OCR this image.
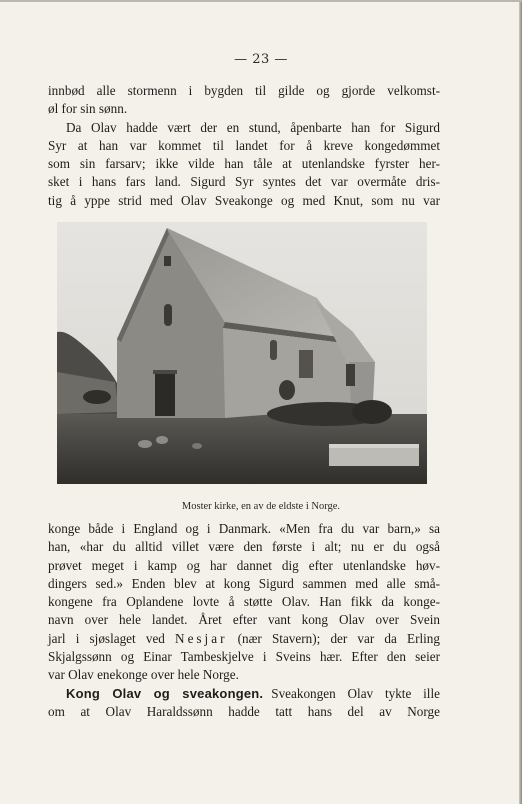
— 23 —
innbød alle stormenn i bygden til gilde og gjorde velkomst-
øl for sin sønn.
Da Olav hadde vært der en stund, åpenbarte han for Sigurd
Syr at han var kommet til landet for å kreve kongedømmet
som sin farsarv; ikke vilde han tåle at utenlandske fyrster her-
sket i hans fars land. Sigurd Syr syntes det var overmåte dris-
tig å yppe strid med Olav Sveakonge og med Knut, som nu var
Moster kirke, en av de eldste i Norge.
konge både i England og i Danmark. «Men fra du var barn,» sa
han, «har du alltid villet være den første i alt; nu er du også
prøvet meget i kamp og har dannet dig efter utenlandske høv-
dingers sed.» Enden blev at kong Sigurd sammen med alle små-
kongene fra Oplandene lovte å støtte Olav. Han fikk da konge-
navn over hele landet. Året efter vant kong Olav over Svein
jarl i sjøslaget ved Nesjar (nær Stavern); der var da Erling
Skjalgssønn og Einar Tambeskjelve i Sveins hær. Efter den seier
var Olav enekonge over hele Norge.
Kong Olav og sveakongen. Sveakongen Olav tykte ille
om at Olav Haraldssønn hadde tatt hans del av Norge
